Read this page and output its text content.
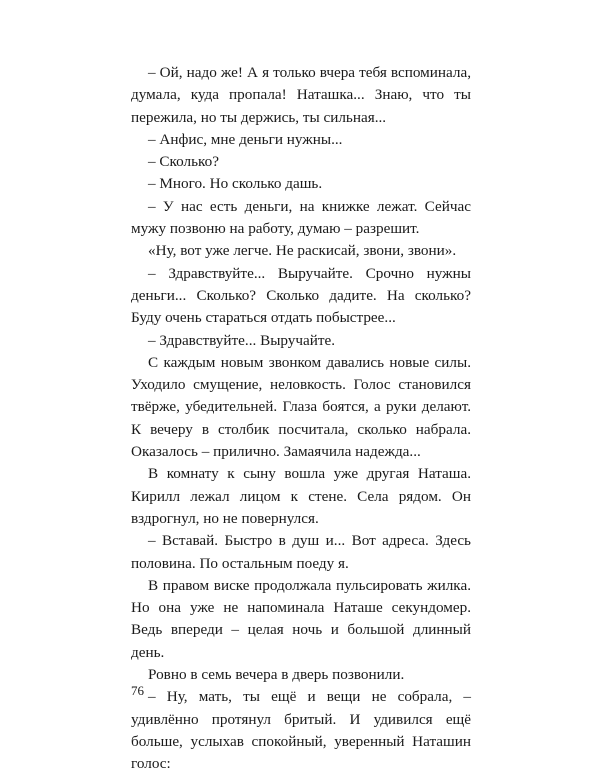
– Ой, надо же! А я только вчера тебя вспоминала, думала, куда пропала! Наташка... Знаю, что ты пережила, но ты держись, ты сильная...

– Анфис, мне деньги нужны...

– Сколько?

– Много. Но сколько дашь.

– У нас есть деньги, на книжке лежат. Сейчас мужу позвоню на работу, думаю – разрешит.

«Ну, вот уже легче. Не раскисай, звони, звони».

– Здравствуйте... Выручайте. Срочно нужны деньги... Сколько? Сколько дадите. На сколько? Буду очень стараться отдать побыстрее...

– Здравствуйте... Выручайте.

С каждым новым звонком давались новые силы. Уходило смущение, неловкость. Голос становился твёрже, убедительней. Глаза боятся, а руки делают. К вечеру в столбик посчитала, сколько набрала. Оказалось – прилично. Замаячила надежда...

В комнату к сыну вошла уже другая Наташа. Кирилл лежал лицом к стене. Села рядом. Он вздрогнул, но не повернулся.

– Вставай. Быстро в душ и... Вот адреса. Здесь половина. По остальным поеду я.

В правом виске продолжала пульсировать жилка. Но она уже не напоминала Наташе секундомер. Ведь впереди – целая ночь и большой длинный день.

Ровно в семь вечера в дверь позвонили.

– Ну, мать, ты ещё и вещи не собрала, – удивлённо протянул бритый. И удивился ещё больше, услыхав спокойный, уверенный Наташин голос:

76
